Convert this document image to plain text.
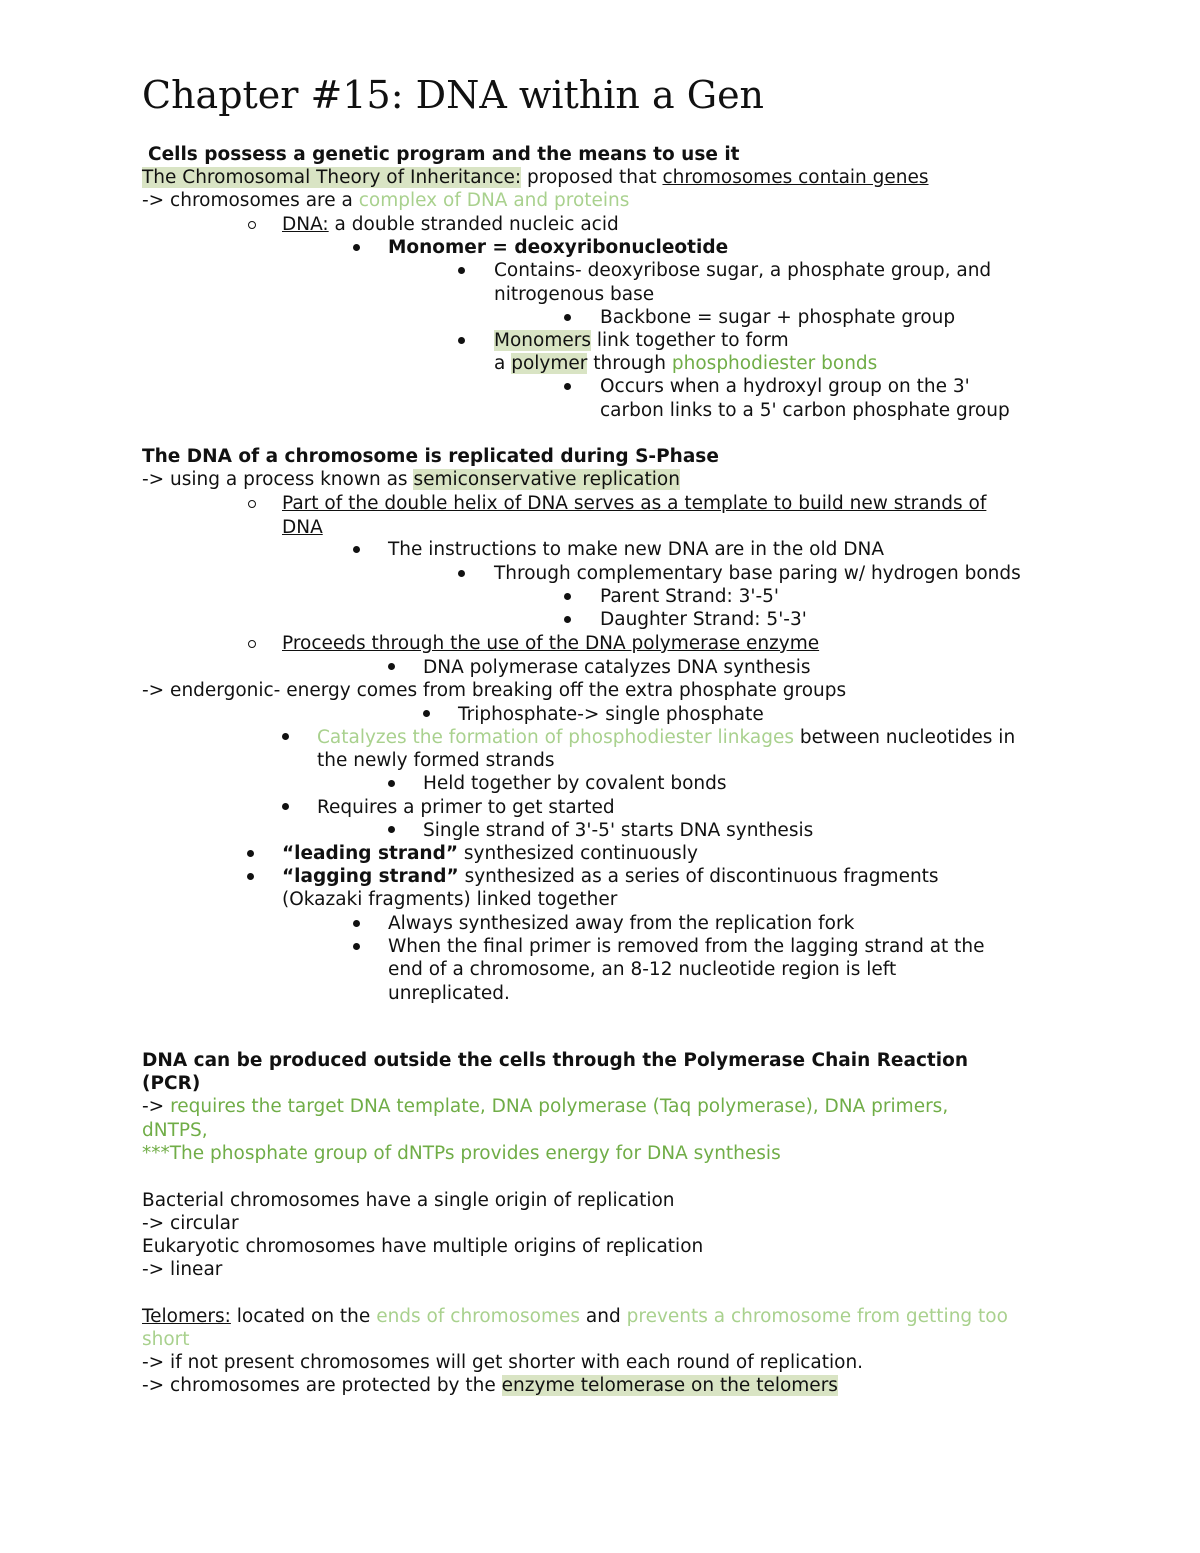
Chapter #15: DNA within a Gen
Cells possess a genetic program and the means to use it
The Chromosomal Theory of Inheritance: proposed that chromosomes contain genes
-> chromosomes are a complex of DNA and proteins
DNA: a double stranded nucleic acid
Monomer = deoxyribonucleotide
Contains- deoxyribose sugar, a phosphate group, and
nitrogenous base
Backbone = sugar + phosphate group
Monomers link together to form
a polymer through phosphodiester bonds
Occurs when a hydroxyl group on the 3'
carbon links to a 5' carbon phosphate group
The DNA of a chromosome is replicated during S-Phase
-> using a process known as semiconservative replication
Part of the double helix of DNA serves as a template to build new strands of
DNA
The instructions to make new DNA are in the old DNA
Through complementary base paring w/ hydrogen bonds
Parent Strand: 3'-5'
Daughter Strand: 5'-3'
Proceeds through the use of the DNA polymerase enzyme
DNA polymerase catalyzes DNA synthesis
-> endergonic- energy comes from breaking off the extra phosphate groups
Triphosphate-> single phosphate
Catalyzes the formation of phosphodiester linkages between nucleotides in
the newly formed strands
Held together by covalent bonds
Requires a primer to get started
Single strand of 3'-5' starts DNA synthesis
“leading strand” synthesized continuously
“lagging strand” synthesized as a series of discontinuous fragments
(Okazaki fragments) linked together
Always synthesized away from the replication fork
When the final primer is removed from the lagging strand at the
end of a chromosome, an 8-12 nucleotide region is left
unreplicated.
DNA can be produced outside the cells through the Polymerase Chain Reaction
(PCR)
-> requires the target DNA template, DNA polymerase (Taq polymerase), DNA primers,
dNTPS,
***The phosphate group of dNTPs provides energy for DNA synthesis
Bacterial chromosomes have a single origin of replication
-> circular
Eukaryotic chromosomes have multiple origins of replication
-> linear
Telomers: located on the ends of chromosomes and prevents a chromosome from getting too
short
-> if not present chromosomes will get shorter with each round of replication.
-> chromosomes are protected by the enzyme telomerase on the telomers
